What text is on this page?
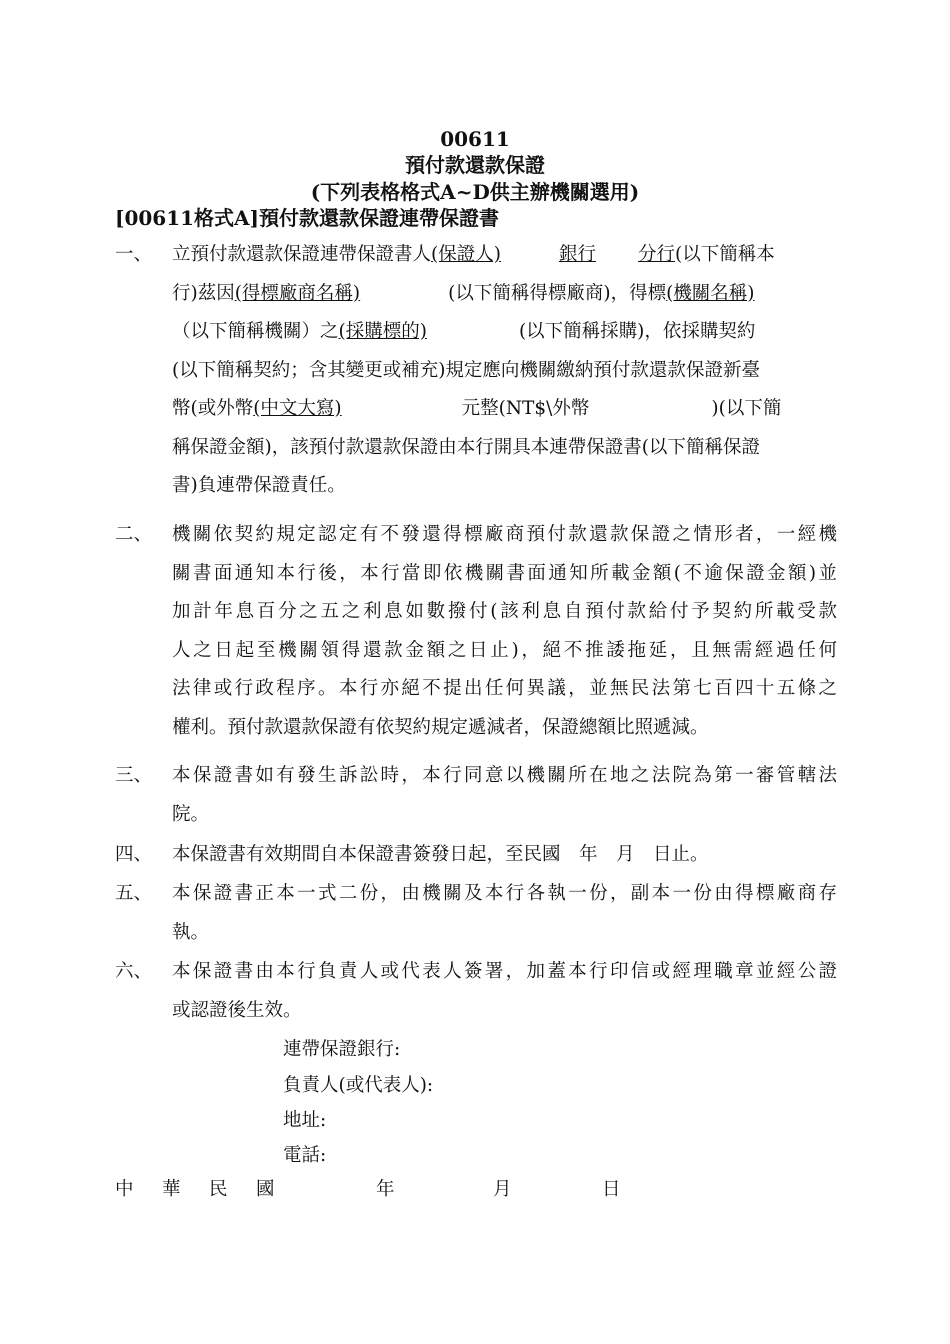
00611
預付款還款保證
(下列表格格式A~D供主辦機關選用)
[00611格式A]預付款還款保證連帶保證書
一、 立預付款還款保證連帶保證書人(保證人)	銀行 分行(以下簡稱本
行)茲因(得標廠商名稱)	(以下簡稱得標廠商)，得標(機關名稱)
（以下簡稱機關）之(採購標的)	(以下簡稱採購)，依採購契約
(以下簡稱契約；含其變更或補充)規定應向機關繳納預付款還款保證新臺
幣(或外幣(中文大寫)	元整(NT$\外幣	)(以下簡
稱保證金額)，該預付款還款保證由本行開具本連帶保證書(以下簡稱保證
書)負連帶保證責任。
二、 機關依契約規定認定有不發還得標廠商預付款還款保證之情形者，一經機
關書面通知本行後，本行當即依機關書面通知所載金額(不逾保證金額)並
加計年息百分之五之利息如數撥付(該利息自預付款給付予契約所載受款
人之日起至機關領得還款金額之日止)，絕不推諉拖延，且無需經過任何
法律或行政程序。本行亦絕不提出任何異議，並無民法第七百四十五條之
權利。預付款還款保證有依契約規定遞減者，保證總額比照遞減。
三、 本保證書如有發生訴訟時，本行同意以機關所在地之法院為第一審管轄法
院。
四、 本保證書有效期間自本保證書簽發日起，至民國　年　月　日止。
五、 本保證書正本一式二份，由機關及本行各執一份，副本一份由得標廠商存
執。
六、 本保證書由本行負責人或代表人簽署，加蓋本行印信或經理職章並經公證
或認證後生效。
連帶保證銀行:
負責人(或代表人):
地址:
電話:
中 華 民 國	年	月	日
